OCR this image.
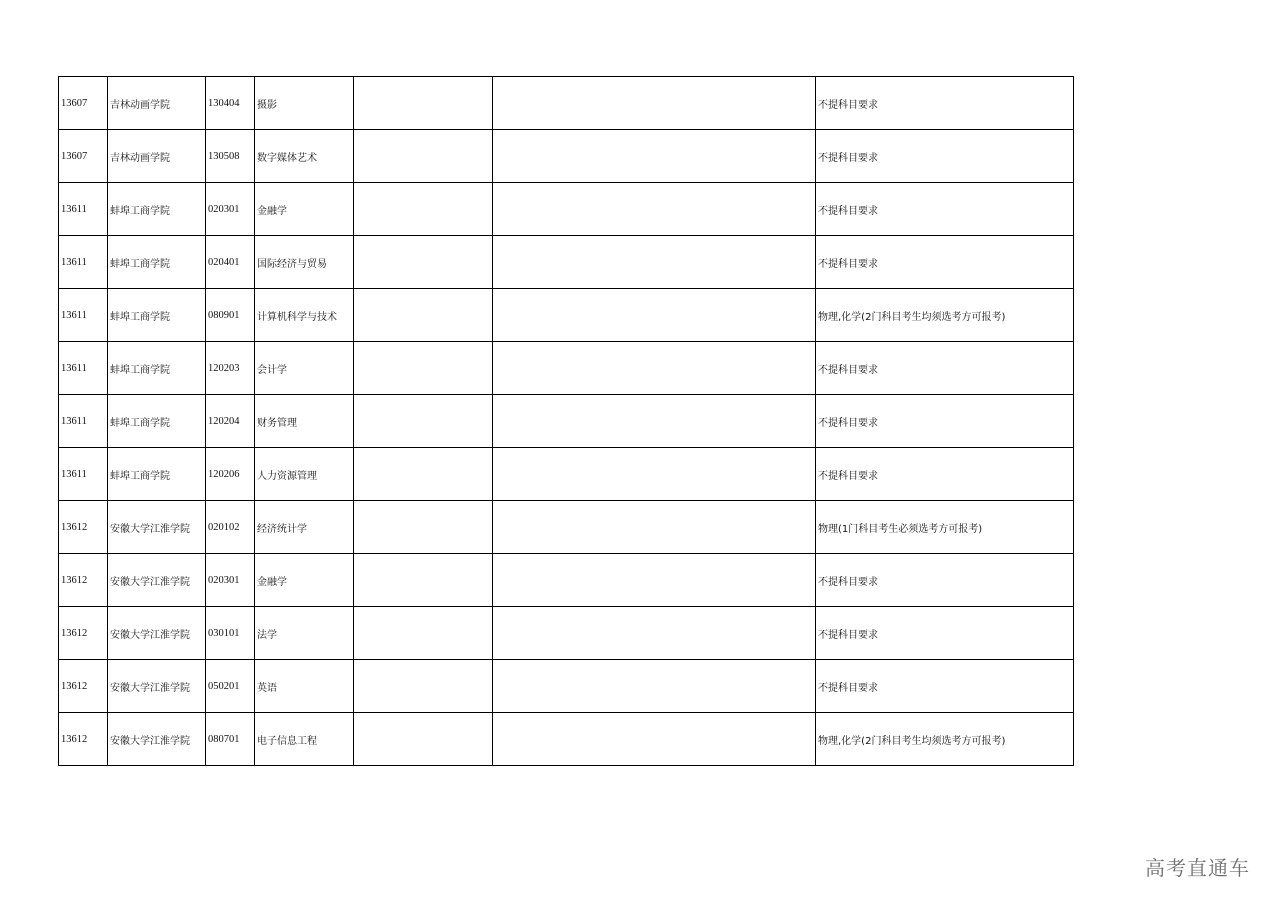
13607	吉林动画学院	130404	摄影			不提科目要求
13607	吉林动画学院	130508	数字媒体艺术			不提科目要求
13611	蚌埠工商学院	020301	金融学			不提科目要求
13611	蚌埠工商学院	020401	国际经济与贸易			不提科目要求
13611	蚌埠工商学院	080901	计算机科学与技术			物理,化学(2门科目考生均须选考方可报考)
13611	蚌埠工商学院	120203	会计学			不提科目要求
13611	蚌埠工商学院	120204	财务管理			不提科目要求
13611	蚌埠工商学院	120206	人力资源管理			不提科目要求
13612	安徽大学江淮学院	020102	经济统计学			物理(1门科目考生必须选考方可报考)
13612	安徽大学江淮学院	020301	金融学			不提科目要求
13612	安徽大学江淮学院	030101	法学			不提科目要求
13612	安徽大学江淮学院	050201	英语			不提科目要求
13612	安徽大学江淮学院	080701	电子信息工程			物理,化学(2门科目考生均须选考方可报考)
高考直通车
